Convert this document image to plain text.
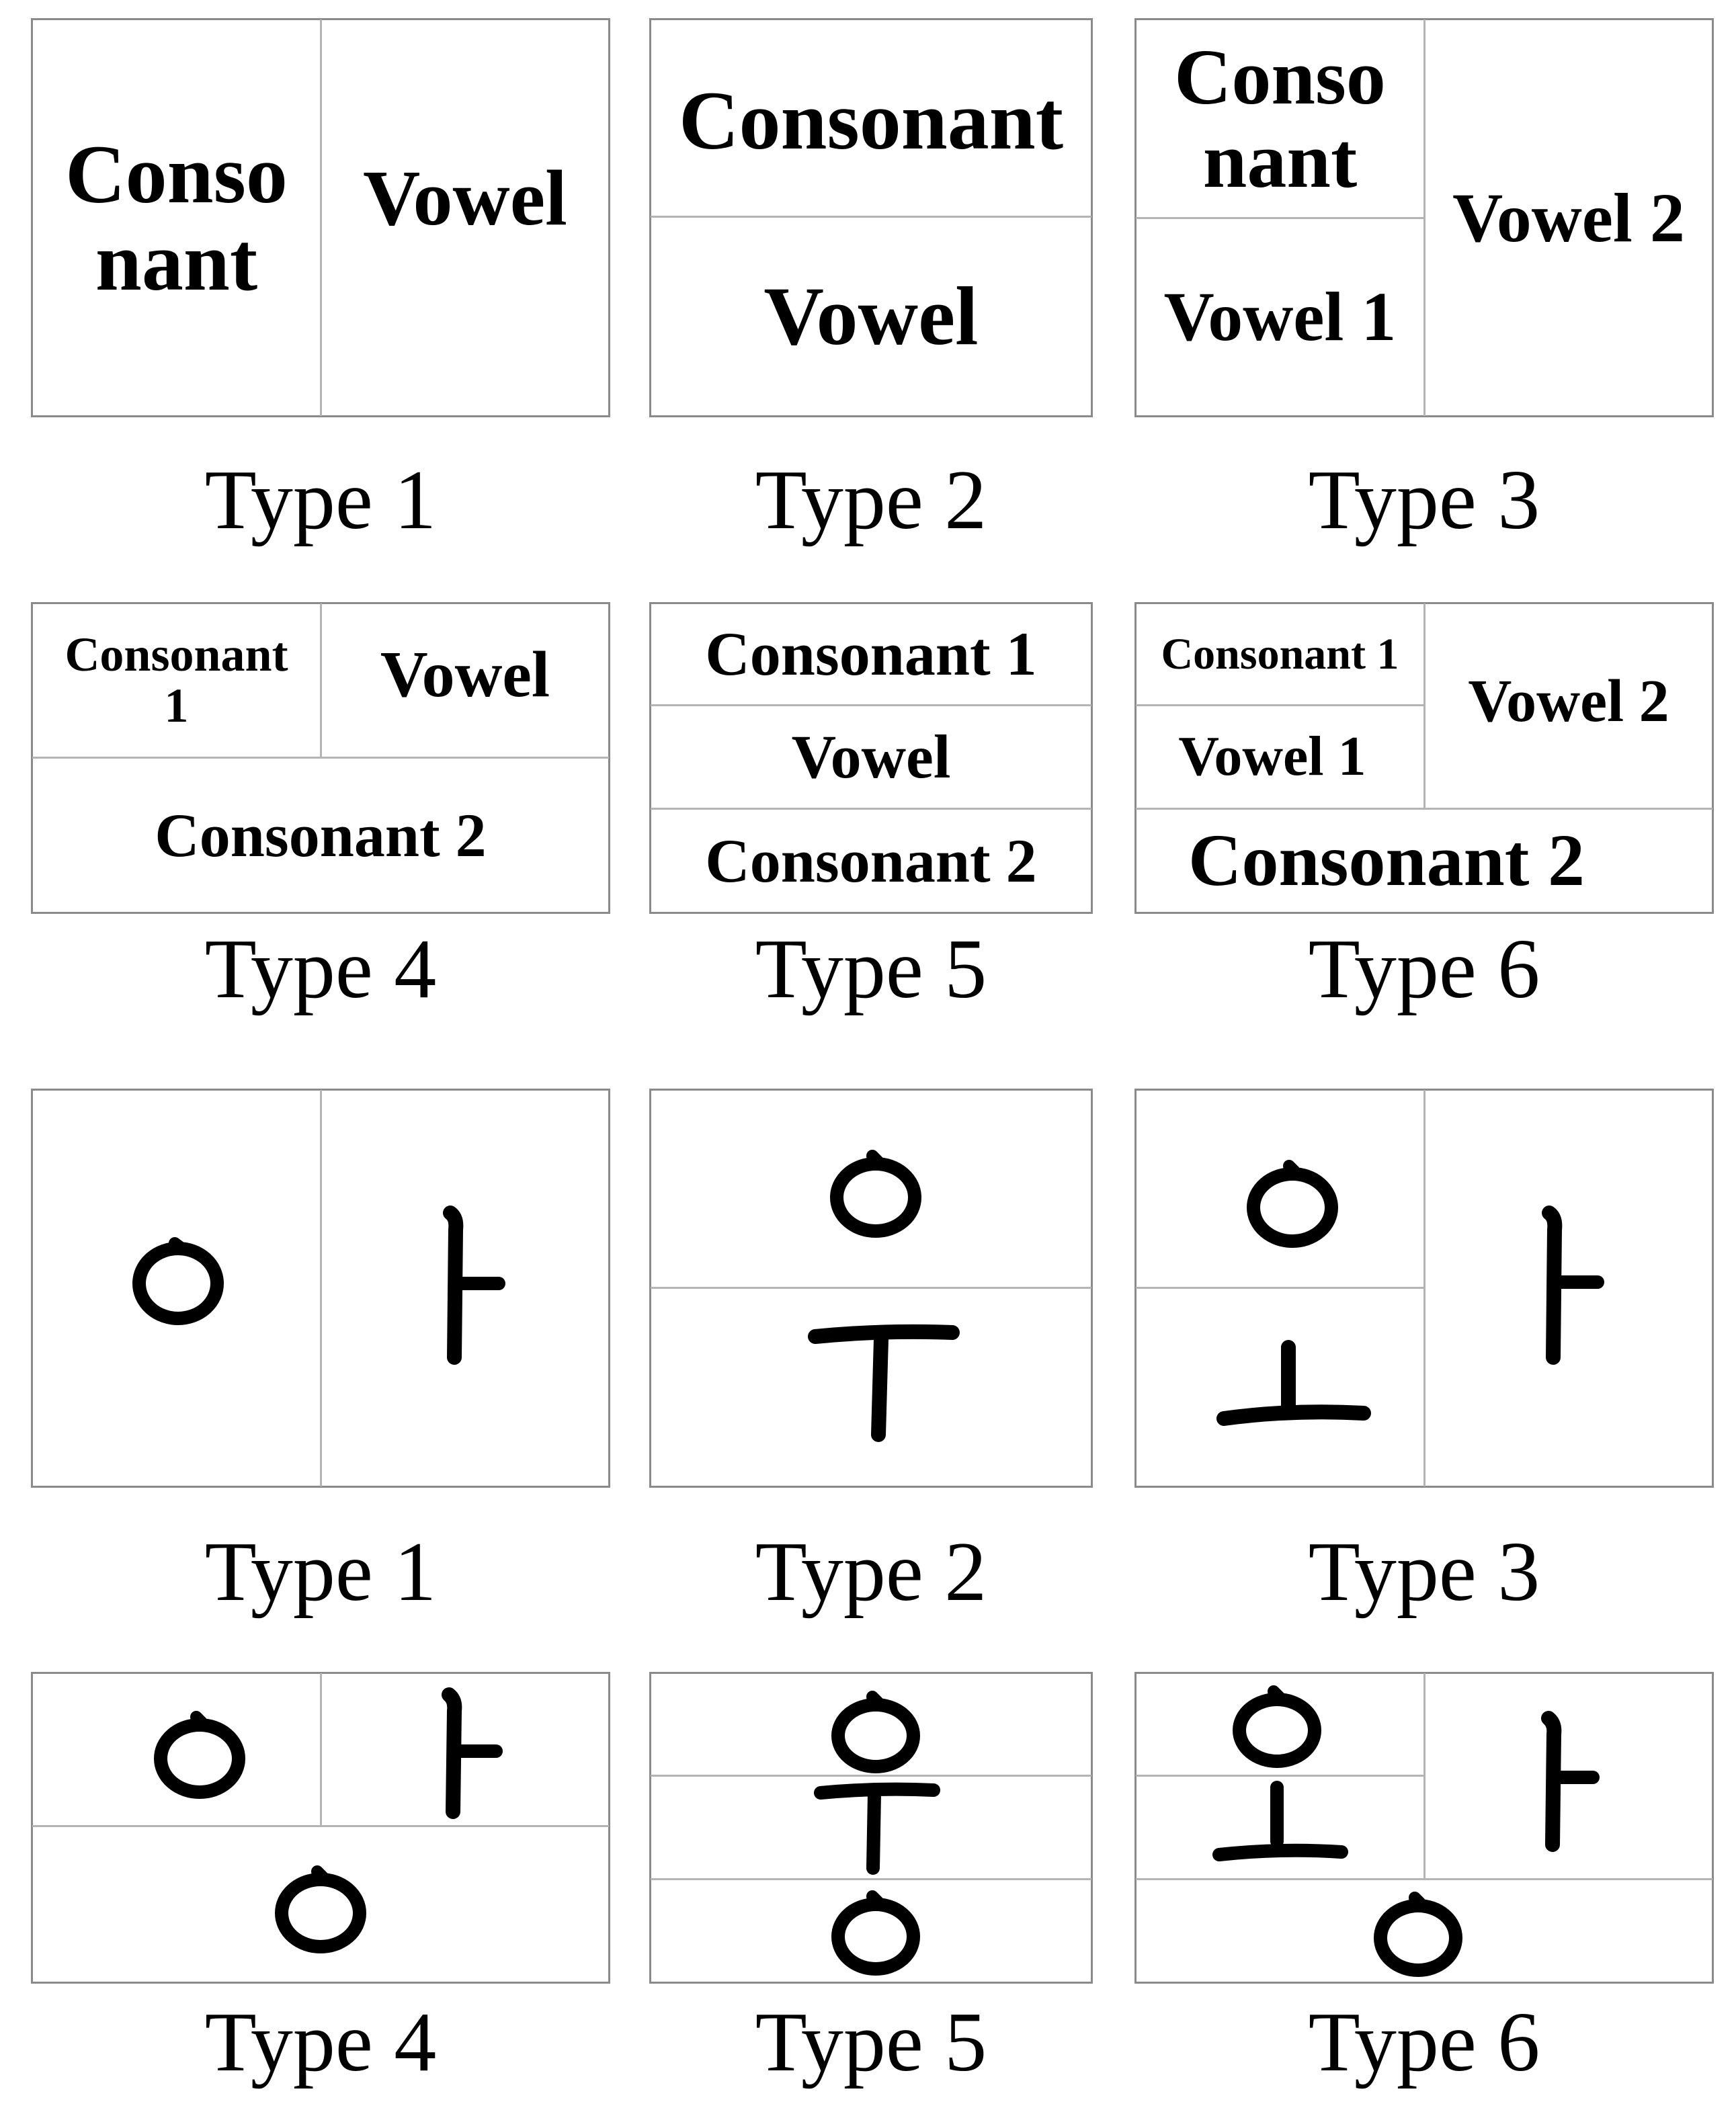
Conso
nant
Vowel
Type 1
Consonant
Vowel
Type 2
Conso
nant
Vowel 1
Vowel 2
Type 3
Consonant
1	Vowel
Consonant 2
Type 4
Consonant 1
Vowel
Consonant 2
Type 5
Consonant 1
Vowel 1
Vowel 2
Consonant 2
Type 6
Type 1	Type 2	Type 3
Type 4	Type 5	Type 6
